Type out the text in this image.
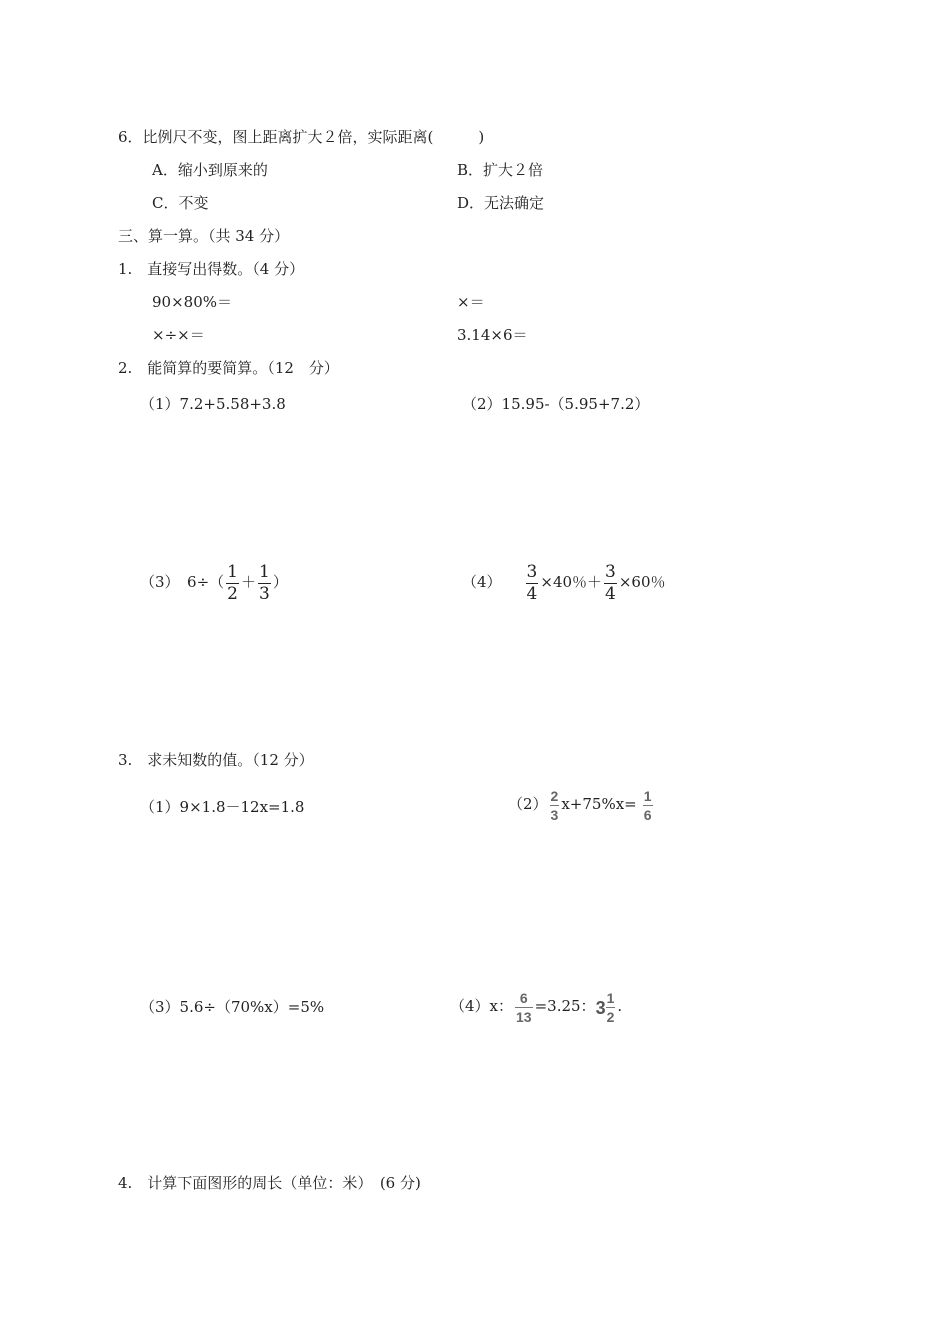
6．比例尺不变，图上距离扩大２倍，实际距离(　　　)
A．缩小到原来的	B．扩大２倍
C．不变	D．无法确定
三、算一算。（共 34 分）
1.　直接写出得数。（4 分）
90×80%＝	×＝
×÷×＝	3.14×6＝
2.　能简算的要简算。（12　分）
（1）7.2+5.58+3.8	（2）15.95-（5.95+7.2）
（3）　$6\div( \frac{1}{2} + \frac{1}{3}$ ）	$(4) \frac{3}{4} \times 40$％＋ $\frac{3}{4} \times 60$％
3.　求未知数的值。（12 分）
（1）9×1.8－12x=1.8	$(2) \frac{2}{3} x+75\%x= \frac{1}{6}$
（3）5.6÷（70%x）=5%	（4）x： $\frac{6}{13} =3.25$：$3 \frac{1}{2}$ .
4.　计算下面图形的周长（单位：米）　(6 分)
